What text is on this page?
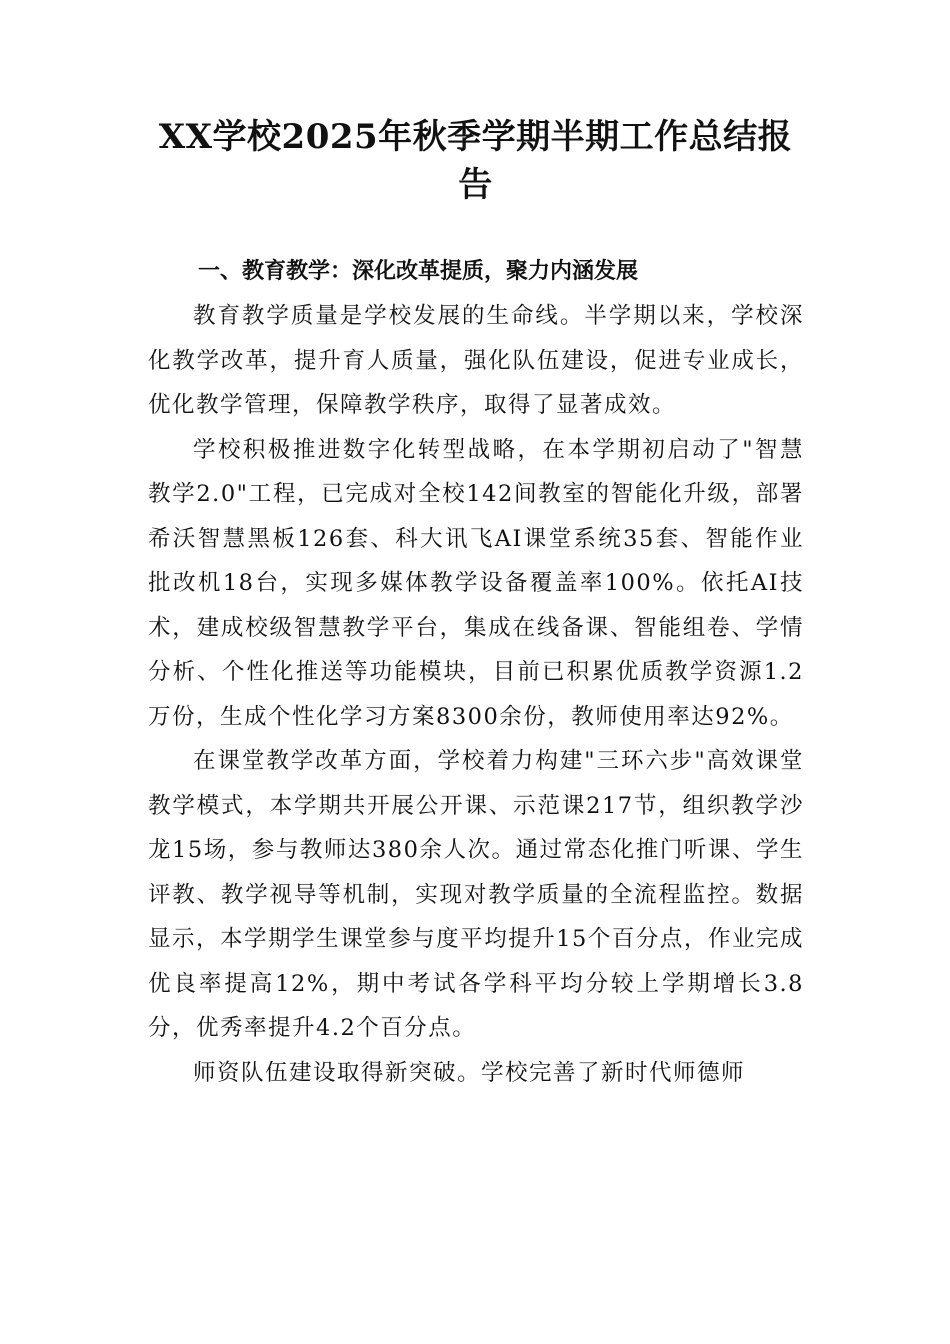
XX学校2025年秋季学期半期工作总结报告
一、教育教学：深化改革提质，聚力内涵发展

教育教学质量是学校发展的生命线。半学期以来，学校深化教学改革，提升育人质量，强化队伍建设，促进专业成长，优化教学管理，保障教学秩序，取得了显著成效。

学校积极推进数字化转型战略，在本学期初启动了"智慧教学2.0"工程，已完成对全校142间教室的智能化升级，部署希沃智慧黑板126套、科大讯飞AI课堂系统35套、智能作业批改机18台，实现多媒体教学设备覆盖率100%。依托AI技术，建成校级智慧教学平台，集成在线备课、智能组卷、学情分析、个性化推送等功能模块，目前已积累优质教学资源1.2万份，生成个性化学习方案8300余份，教师使用率达92%。

在课堂教学改革方面，学校着力构建"三环六步"高效课堂教学模式，本学期共开展公开课、示范课217节，组织教学沙龙15场，参与教师达380余人次。通过常态化推门听课、学生评教、教学视导等机制，实现对教学质量的全流程监控。数据显示，本学期学生课堂参与度平均提升15个百分点，作业完成优良率提高12%，期中考试各学科平均分较上学期增长3.8分，优秀率提升4.2个百分点。

师资队伍建设取得新突破。学校完善了新时代师德师
